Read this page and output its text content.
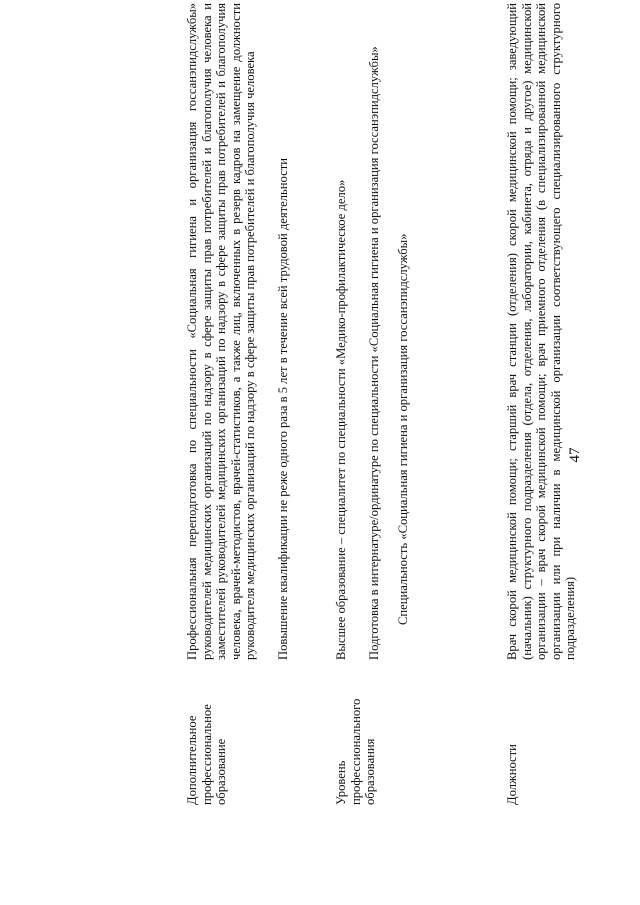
47
Должности

Врач скорой медицинской помощи; старший врач станции (отделения) скорой медицинской помощи; заведующий (начальник) структурного подразделения (отдела, отделения, лаборатории, кабинета, отряда и другое) медицинской организации – врач скорой медицинской помощи; врач приемного отделения (в специализированной медицинской организации или при наличии в медицинской организации соответствующего специализированного структурного подразделения)

Специальность «Социальная гигиена и организация госсанэпидслужбы»
Уровень профессионального образования

Высшее образование – специалитет по специальности «Медико-профилактическое дело» Подготовка в интернатуре/ординатуре по специальности «Социальная гигиена и организация госсанэпидслужбы»

Дополнительное профессиональное образование

Профессиональная переподготовка по специальности «Социальная гигиена и организация госсанэпидслужбы» руководителей медицинских организаций по надзору в сфере защиты прав потребителей и благополучия человека и заместителей руководителей медицинских организаций по надзору в сфере защиты прав потребителей и благополучия человека, врачей-методистов, врачей-статистиков, а также лиц, включенных в резерв кадров на замещение должности руководителя медицинских организаций по надзору в сфере защиты прав потребителей и благополучия человека Повышение квалификации не реже одного раза в 5 лет в течение всей трудовой деятельности
